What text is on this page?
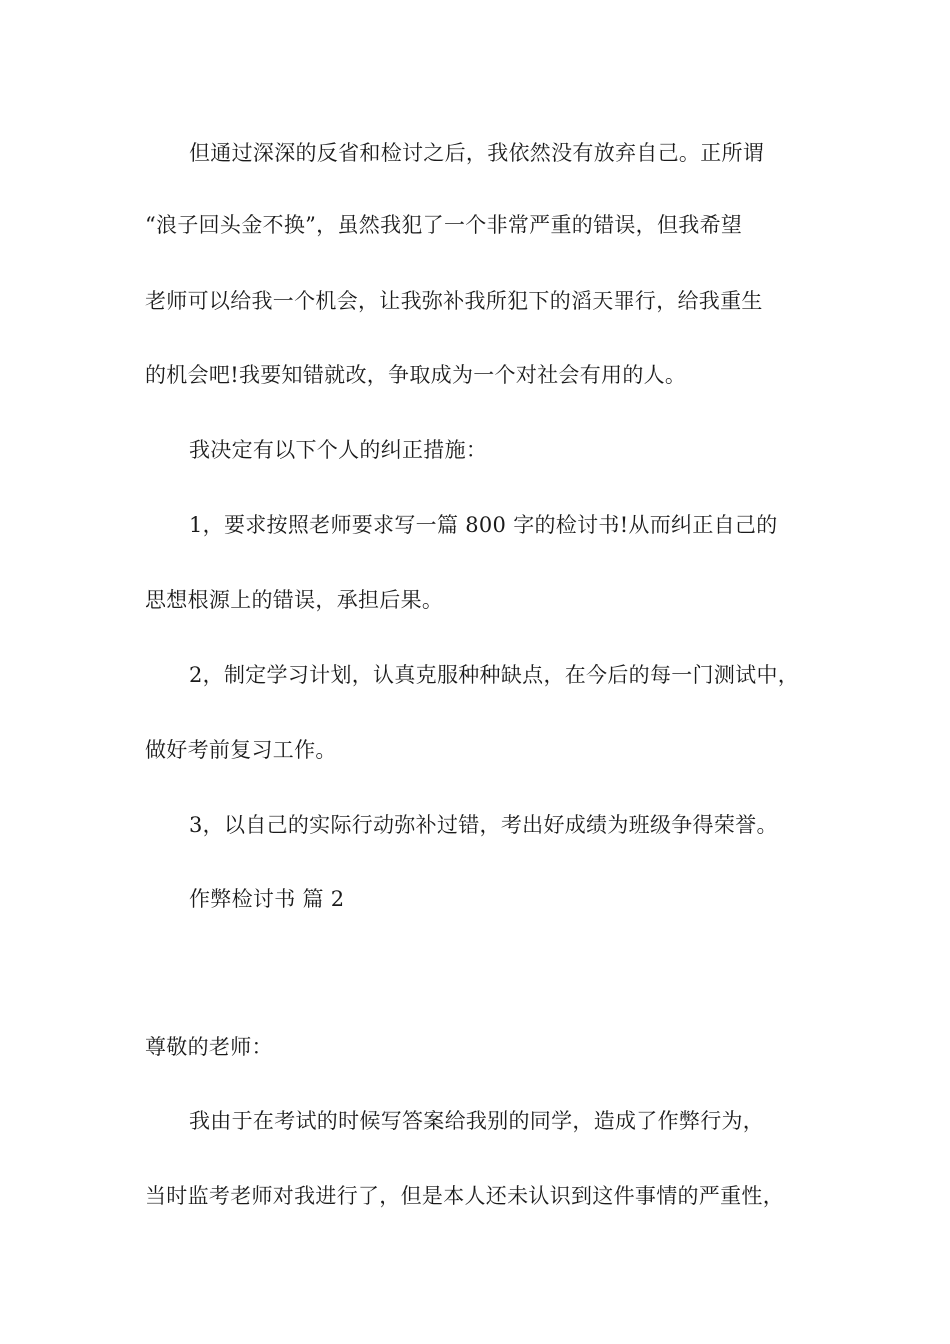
但通过深深的反省和检讨之后，我依然没有放弃自己。正所谓
“浪子回头金不换”，虽然我犯了一个非常严重的错误，但我希望
老师可以给我一个机会，让我弥补我所犯下的滔天罪行，给我重生
的机会吧!我要知错就改，争取成为一个对社会有用的人。
我决定有以下个人的纠正措施：
1，要求按照老师要求写一篇 800 字的检讨书!从而纠正自己的
思想根源上的错误，承担后果。
2，制定学习计划，认真克服种种缺点，在今后的每一门测试中，
做好考前复习工作。
3，以自己的实际行动弥补过错，考出好成绩为班级争得荣誉。
作弊检讨书 篇 2
尊敬的老师：
我由于在考试的时候写答案给我别的同学，造成了作弊行为，
当时监考老师对我进行了，但是本人还未认识到这件事情的严重性，
